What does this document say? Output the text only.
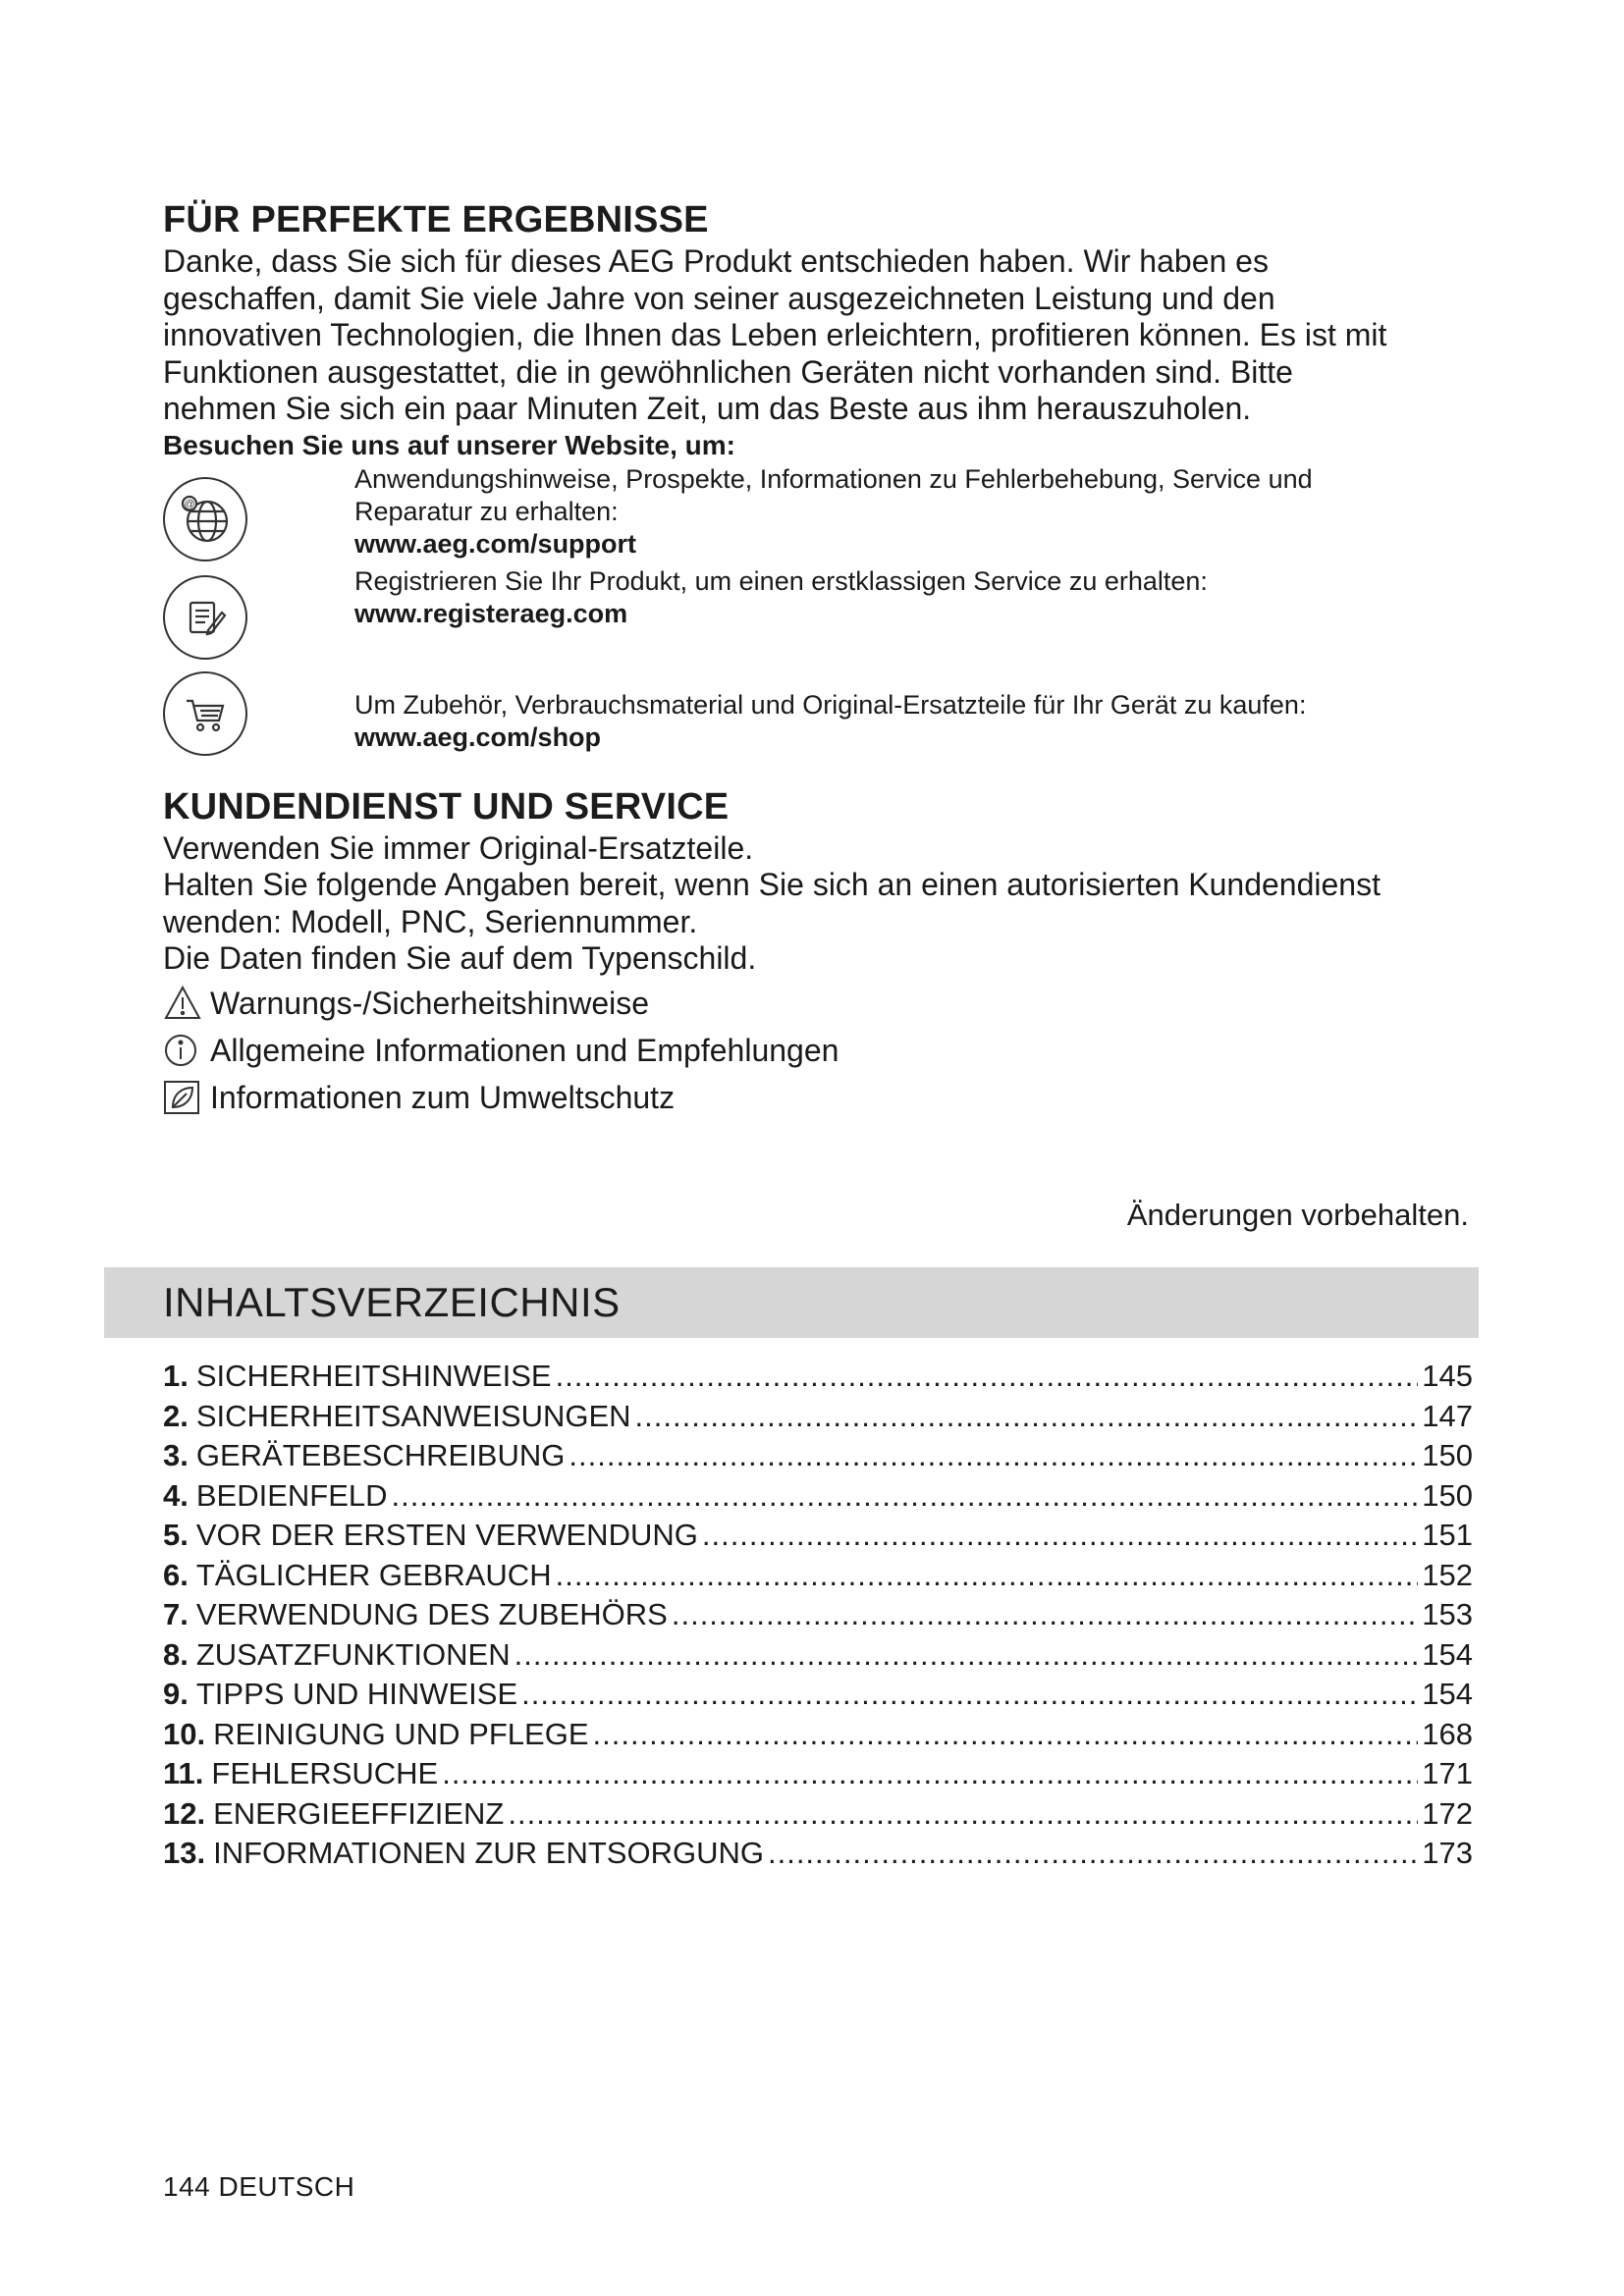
FÜR PERFEKTE ERGEBNISSE

Danke, dass Sie sich für dieses AEG Produkt entschieden haben. Wir haben es

geschaffen, damit Sie viele Jahre von seiner ausgezeichneten Leistung und den

innovativen Technologien, die Ihnen das Leben erleichtern, profitieren können. Es ist mit

Funktionen ausgestattet, die in gewöhnlichen Geräten nicht vorhanden sind. Bitte

nehmen Sie sich ein paar Minuten Zeit, um das Beste aus ihm herauszuholen.

Besuchen Sie uns auf unserer Website, um:

@
Anwendungshinweise, Prospekte, Informationen zu Fehlerbehebung, Service und
Reparatur zu erhalten:
www.aeg.com/support
Registrieren Sie Ihr Produkt, um einen erstklassigen Service zu erhalten:
www.registeraeg.com
Um Zubehör, Verbrauchsmaterial und Original-Ersatzteile für Ihr Gerät zu kaufen:
www.aeg.com/shop
KUNDENDIENST UND SERVICE

Verwenden Sie immer Original-Ersatzteile.

Halten Sie folgende Angaben bereit, wenn Sie sich an einen autorisierten Kundendienst

wenden: Modell, PNC, Seriennummer.

Die Daten finden Sie auf dem Typenschild.

Warnungs-/Sicherheitshinweise
Allgemeine Informationen und Empfehlungen
Informationen zum Umweltschutz
Änderungen vorbehalten.
INHALTSVERZEICHNIS
1. SICHERHEITSHINWEISE .....	145
2. SICHERHEITSANWEISUNGEN .....	147
3. GERÄTEBESCHREIBUNG .....	150
4. BEDIENFELD .....	150
5. VOR DER ERSTEN VERWENDUNG .....	151
6. TÄGLICHER GEBRAUCH .....	152
7. VERWENDUNG DES ZUBEHÖRS .....	153
8. ZUSATZFUNKTIONEN .....	154
9. TIPPS UND HINWEISE .....	154
10. REINIGUNG UND PFLEGE .....	168
11. FEHLERSUCHE .....	171
12. ENERGIEEFFIZIENZ .....	172
13. INFORMATIONEN ZUR ENTSORGUNG .....	173
144 DEUTSCH
